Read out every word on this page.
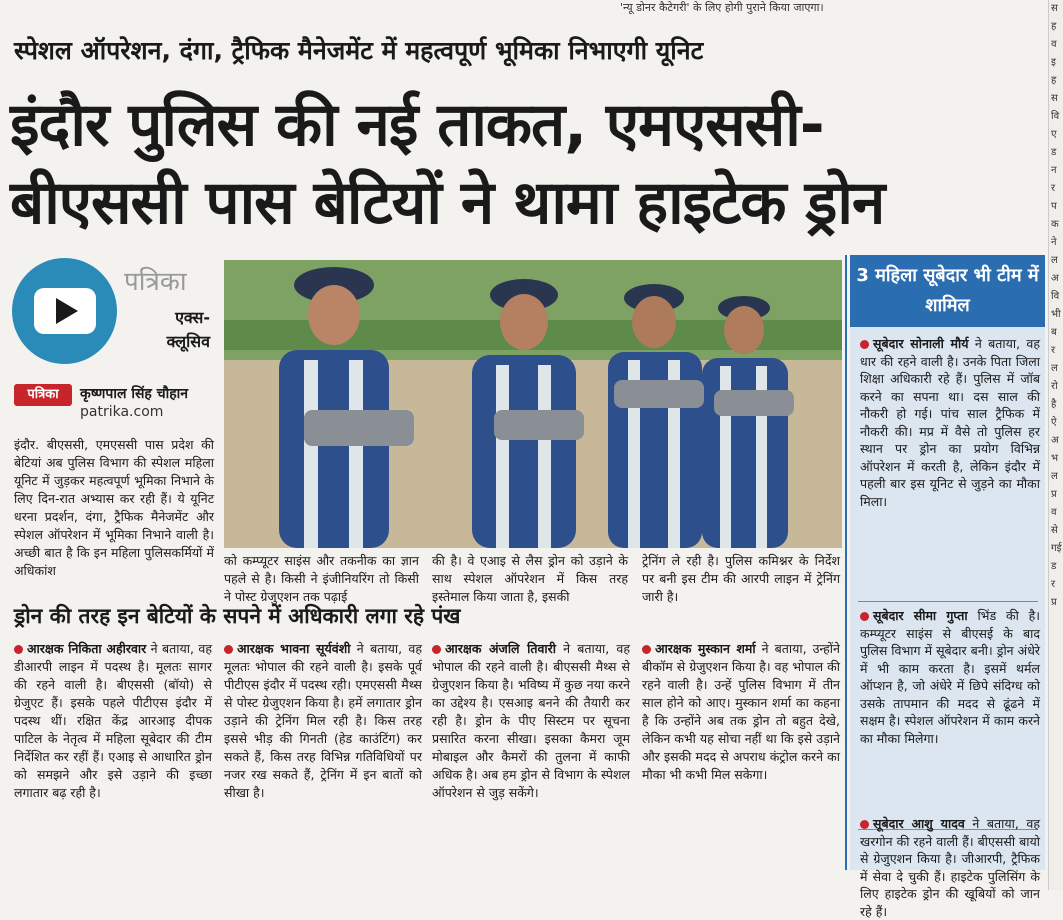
'न्यू डोनर कैटेगरी' के लिए होगी पुराने किया जाएगा।
स्पेशल ऑपरेशन, दंगा, ट्रैफिक मैनेजमेंट में महत्वपूर्ण भूमिका निभाएगी यूनिट
इंदौर पुलिस की नई ताकत, एमएससी-
बीएससी पास बेटियों ने थामा हाइटेक ड्रोन
पत्रिका
एक्स-क्लूसिव
पत्रिका	कृष्णपाल सिंह चौहान
patrika.com
इंदौर. बीएससी, एमएससी पास प्रदेश की बेटियां अब पुलिस विभाग की स्पेशल महिला यूनिट में जुड़कर महत्वपूर्ण भूमिका निभाने के लिए दिन-रात अभ्यास कर रही हैं। ये यूनिट धरना प्रदर्शन, दंगा, ट्रैफिक मैनेजमेंट और स्पेशल ऑपरेशन में भूमिका निभाने वाली है। अच्छी बात है कि इन महिला पुलिसकर्मियों में अधिकांश
को कम्प्यूटर साइंस और तकनीक का ज्ञान पहले से है। किसी ने इंजीनियरिंग तो किसी ने पोस्ट ग्रेजुएशन तक पढ़ाई
की है। वे एआइ से लैस ड्रोन को उड़ाने के साथ स्पेशल ऑपरेशन में किस तरह इस्तेमाल किया जाता है, इसकी
ट्रेनिंग ले रही है। पुलिस कमिश्नर के निर्देश पर बनी इस टीम की आरपी लाइन में ट्रेनिंग जारी है।
ड्रोन की तरह इन बेटियों के सपने में अधिकारी लगा रहे पंख
आरक्षक निकिता अहीरवार ने बताया, वह डीआरपी लाइन में पदस्थ है। मूलतः सागर की रहने वाली है। बीएससी (बॉयो) से ग्रेजुएट हैं। इसके पहले पीटीएस इंदौर में पदस्थ थीं। रक्षित केंद्र आरआइ दीपक पाटिल के नेतृत्व में महिला सूबेदार की टीम निर्देशित कर रहीं हैं। एआइ से आधारित ड्रोन को समझने और इसे उड़ाने की इच्छा लगातार बढ़ रही है।
आरक्षक भावना सूर्यवंशी ने बताया, वह मूलतः भोपाल की रहने वाली है। इसके पूर्व पीटीएस इंदौर में पदस्थ रही। एमएससी मैथ्स से पोस्ट ग्रेजुएशन किया है। हमें लगातार ड्रोन उड़ाने की ट्रेनिंग मिल रही है। किस तरह इससे भीड़ की गिनती (हेड काउंटिंग) कर सकते हैं, किस तरह विभिन्न गतिविधियों पर नजर रख सकते हैं, ट्रेनिंग में इन बातों को सीखा है।
आरक्षक अंजलि तिवारी ने बताया, वह भोपाल की रहने वाली है। बीएससी मैथ्स से ग्रेजुएशन किया है। भविष्य में कुछ नया करने का उद्देश्य है। एसआइ बनने की तैयारी कर रही है। ड्रोन के पीए सिस्टम पर सूचना प्रसारित करना सीखा। इसका कैमरा जूम मोबाइल और कैमरों की तुलना में काफी अधिक है। अब हम ड्रोन से विभाग के स्पेशल ऑपरेशन से जुड़ सकेंगे।
आरक्षक मुस्कान शर्मा ने बताया, उन्होंने बीकॉम से ग्रेजुएशन किया है। वह भोपाल की रहने वाली है। उन्हें पुलिस विभाग में तीन साल होने को आए। मुस्कान शर्मा का कहना है कि उन्होंने अब तक ड्रोन तो बहुत देखे, लेकिन कभी यह सोचा नहीं था कि इसे उड़ाने और इसकी मदद से अपराध कंट्रोल करने का मौका भी कभी मिल सकेगा।
3 महिला सूबेदार भी टीम में शामिल
सूबेदार सोनाली मौर्य ने बताया, वह धार की रहने वाली है। उनके पिता जिला शिक्षा अधिकारी रहे हैं। पुलिस में जॉब करने का सपना था। दस साल की नौकरी हो गई। पांच साल ट्रैफिक में नौकरी की। मप्र में वैसे तो पुलिस हर स्थान पर ड्रोन का प्रयोग विभिन्न ऑपरेशन में करती है, लेकिन इंदौर में पहली बार इस यूनिट से जुड़ने का मौका मिला।
सूबेदार सीमा गुप्ता भिंड की है। कम्प्यूटर साइंस से बीएसई के बाद पुलिस विभाग में सूबेदार बनी। ड्रोन अंधेरे में भी काम करता है। इसमें थर्मल ऑप्शन है, जो अंधेरे में छिपे संदिग्ध को उसके तापमान की मदद से ढूंढने में सक्षम है। स्पेशल ऑपरेशन में काम करने का मौका मिलेगा।
सूबेदार आशु यादव ने बताया, वह खरगोन की रहने वाली हैं। बीएससी बायो से ग्रेजुएशन किया है। जीआरपी, ट्रैफिक में सेवा दे चुकी हैं। हाइटेक पुलिसिंग के लिए हाइटेक ड्रोन की खूबियों को जान रहे हैं।
स
ह
व
इ
ह
स
वि
ए
ड
न
र
प
क
ने
ल
अ
वि
भी
ब
र
ल
रो
है
ऐ
अ
भ
ल
प्र
व
से
गई
ड
र
प्र
